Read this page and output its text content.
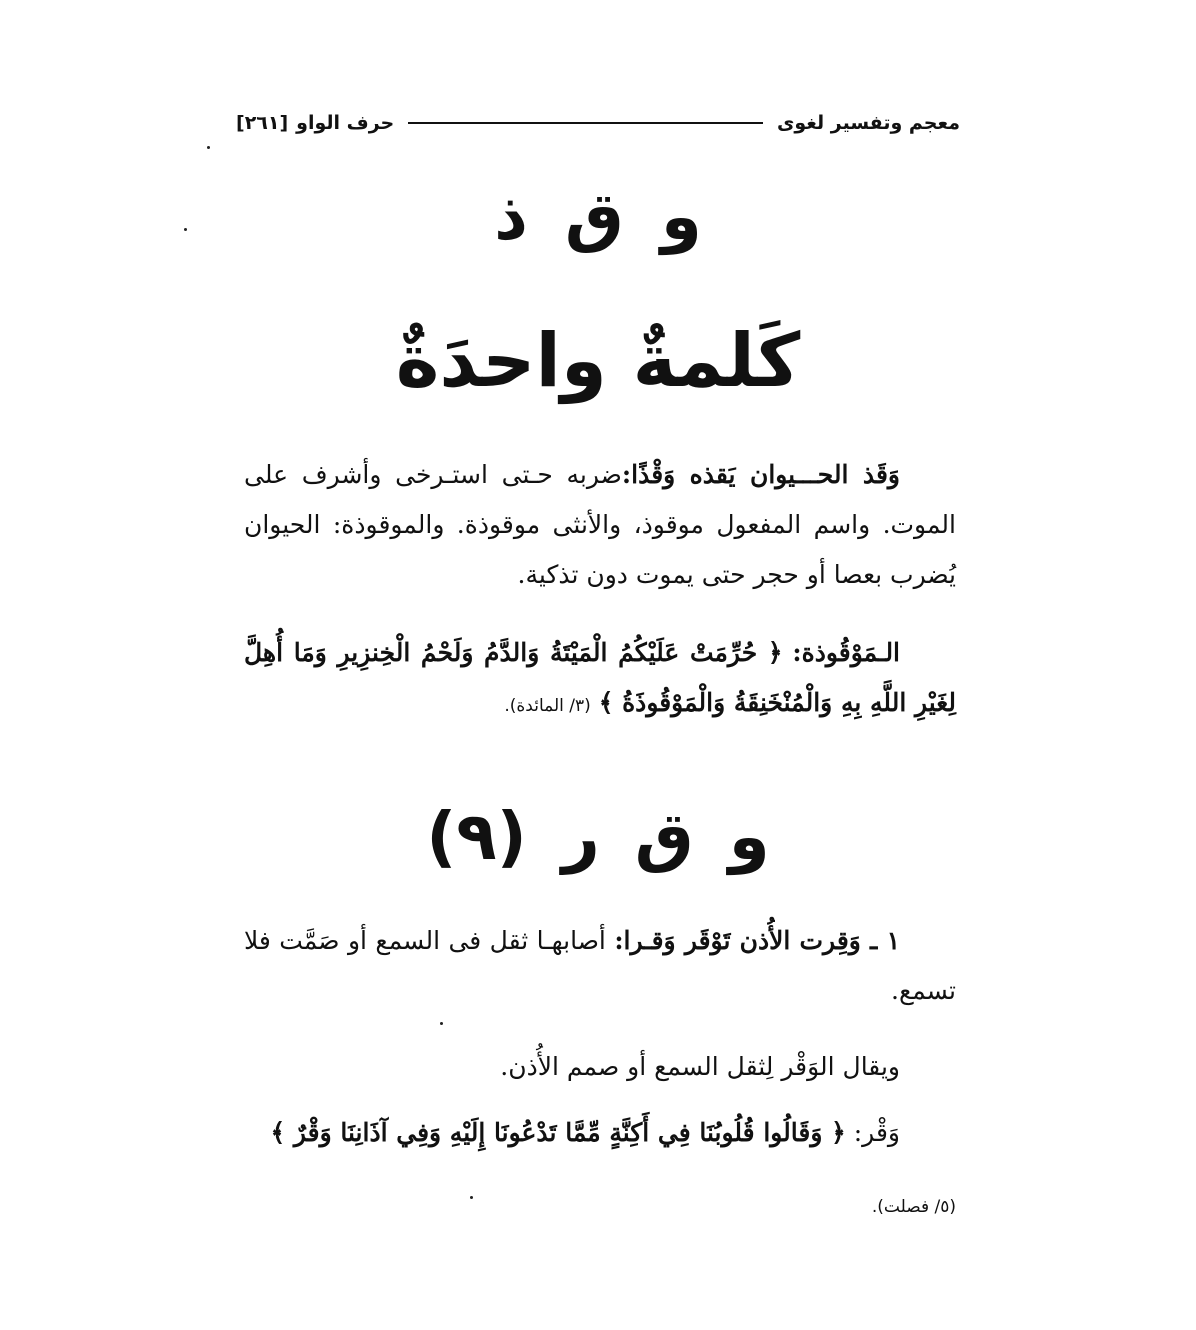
معجم وتفسير لغوى
حرف الواو
[٢٦١]
و ق ذ
كَلمةٌ واحدَةٌ
وَقَذ الحـــيوان يَقذه وَقْذًا:ضربه حـتى استـرخى وأشرف على الموت. واسم المفعول موقوذ، والأنثى موقوذة. والموقوذة: الحيوان يُضرب بعصا أو حجر حتى يموت دون تذكية.
الـمَوْقُوذة: ﴿ حُرِّمَتْ عَلَيْكُمُ الْمَيْتَةُ وَالدَّمُ وَلَحْمُ الْخِنزِيرِ وَمَا أُهِلَّ لِغَيْرِ اللَّهِ بِهِ وَالْمُنْخَنِقَةُ وَالْمَوْقُوذَةُ ﴾ (٣/ المائدة).
و ق ر (٩)
١ ـ وَقِرت الأُذن تَوْقَر وَقـرا: أصابهـا ثقل فى السمع أو صَمَّت فلا تسمع.
ويقال الوَقْر لِثقل السمع أو صمم الأُذن.
وَقْر: ﴿ وَقَالُوا قُلُوبُنَا فِي أَكِنَّةٍ مِّمَّا تَدْعُونَا إِلَيْهِ وَفِي آذَانِنَا وَقْرٌ ﴾
(٥/ فصلت).
